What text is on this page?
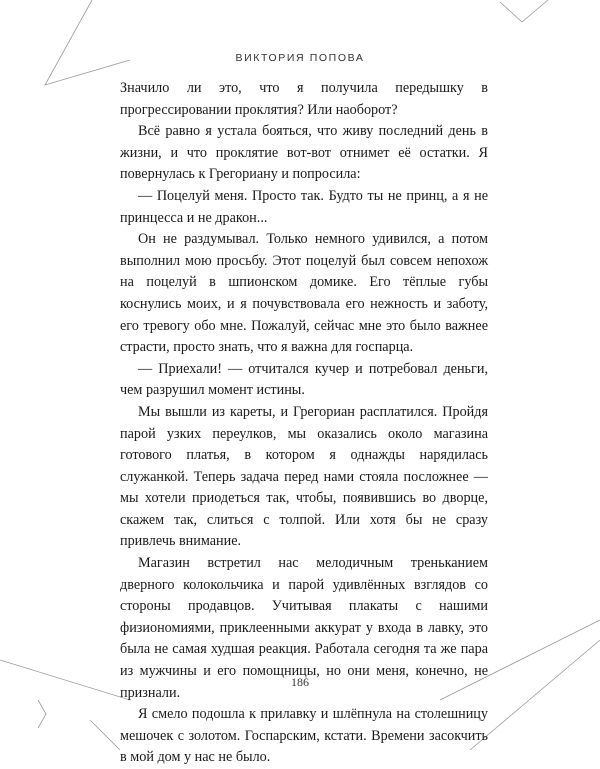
ВИКТОРИЯ ПОПОВА

Значило ли это, что я получила передышку в прогрессировании проклятия? Или наоборот?

Всё равно я устала бояться, что живу последний день в жизни, и что проклятие вот-вот отнимет её остатки. Я повернулась к Грегориану и попросила:

— Поцелуй меня. Просто так. Будто ты не принц, а я не принцесса и не дракон...

Он не раздумывал. Только немного удивился, а потом выполнил мою просьбу. Этот поцелуй был совсем непохож на поцелуй в шпионском домике. Его тёплые губы коснулись моих, и я почувствовала его нежность и заботу, его тревогу обо мне. Пожалуй, сейчас мне это было важнее страсти, просто знать, что я важна для госпарца.

— Приехали! — отчитался кучер и потребовал деньги, чем разрушил момент истины.

Мы вышли из кареты, и Грегориан расплатился. Пройдя парой узких переулков, мы оказались около магазина готового платья, в котором я однажды нарядилась служанкой. Теперь задача перед нами стояла посложнее — мы хотели приодеться так, чтобы, появившись во дворце, скажем так, слиться с толпой. Или хотя бы не сразу привлечь внимание.

Магазин встретил нас мелодичным треньканием дверного колокольчика и парой удивлённых взглядов со стороны продавцов. Учитывая плакаты с нашими физиономиями, приклеенными аккурат у входа в лавку, это была не самая худшая реакция. Работала сегодня та же пара из мужчины и его помощницы, но они меня, конечно, не признали.

Я смело подошла к прилавку и шлёпнула на столешницу мешочек с золотом. Госпарским, кстати. Времени засокчить в мой дом у нас не было.

186
